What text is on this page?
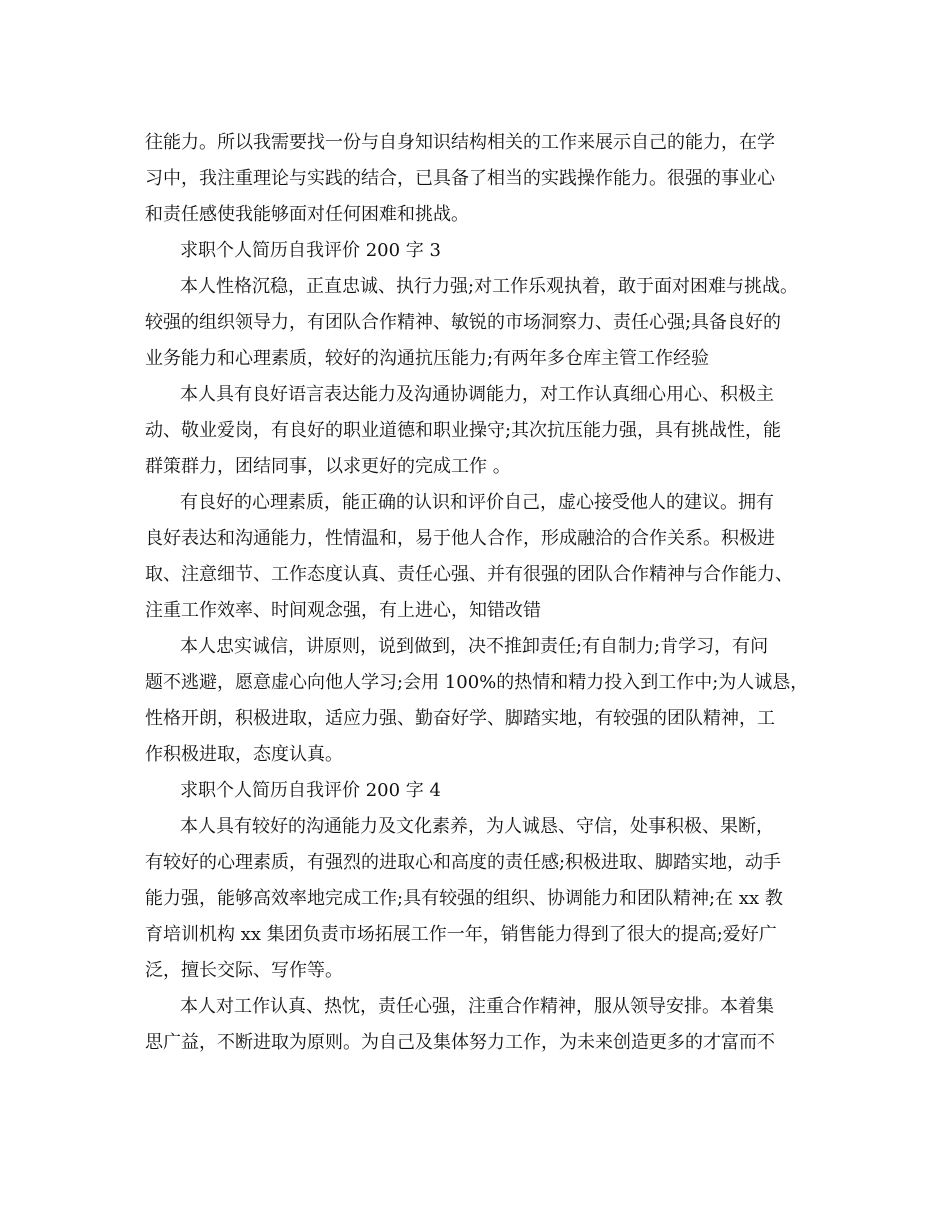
往能力。所以我需要找一份与自身知识结构相关的工作来展示自己的能力，在学
习中，我注重理论与实践的结合，已具备了相当的实践操作能力。很强的事业心
和责任感使我能够面对任何困难和挑战。
求职个人简历自我评价 200 字 3
本人性格沉稳，正直忠诚、执行力强;对工作乐观执着，敢于面对困难与挑战。
较强的组织领导力，有团队合作精神、敏锐的市场洞察力、责任心强;具备良好的
业务能力和心理素质，较好的沟通抗压能力;有两年多仓库主管工作经验
本人具有良好语言表达能力及沟通协调能力，对工作认真细心用心、积极主
动、敬业爱岗，有良好的职业道德和职业操守;其次抗压能力强，具有挑战性，能
群策群力，团结同事，以求更好的完成工作 。
有良好的心理素质，能正确的认识和评价自己，虚心接受他人的建议。拥有
良好表达和沟通能力，性情温和，易于他人合作，形成融洽的合作关系。积极进
取、注意细节、工作态度认真、责任心强、并有很强的团队合作精神与合作能力、
注重工作效率、时间观念强，有上进心，知错改错
本人忠实诚信，讲原则，说到做到，决不推卸责任;有自制力;肯学习，有问
题不逃避，愿意虚心向他人学习;会用 100%的热情和精力投入到工作中;为人诚恳，
性格开朗，积极进取，适应力强、勤奋好学、脚踏实地，有较强的团队精神，工
作积极进取，态度认真。
求职个人简历自我评价 200 字 4
本人具有较好的沟通能力及文化素养，为人诚恳、守信，处事积极、果断，
有较好的心理素质，有强烈的进取心和高度的责任感;积极进取、脚踏实地，动手
能力强，能够高效率地完成工作;具有较强的组织、协调能力和团队精神;在 xx 教
育培训机构 xx 集团负责市场拓展工作一年，销售能力得到了很大的提高;爱好广
泛，擅长交际、写作等。
本人对工作认真、热忱，责任心强，注重合作精神，服从领导安排。本着集
思广益，不断进取为原则。为自己及集体努力工作，为未来创造更多的才富而不
